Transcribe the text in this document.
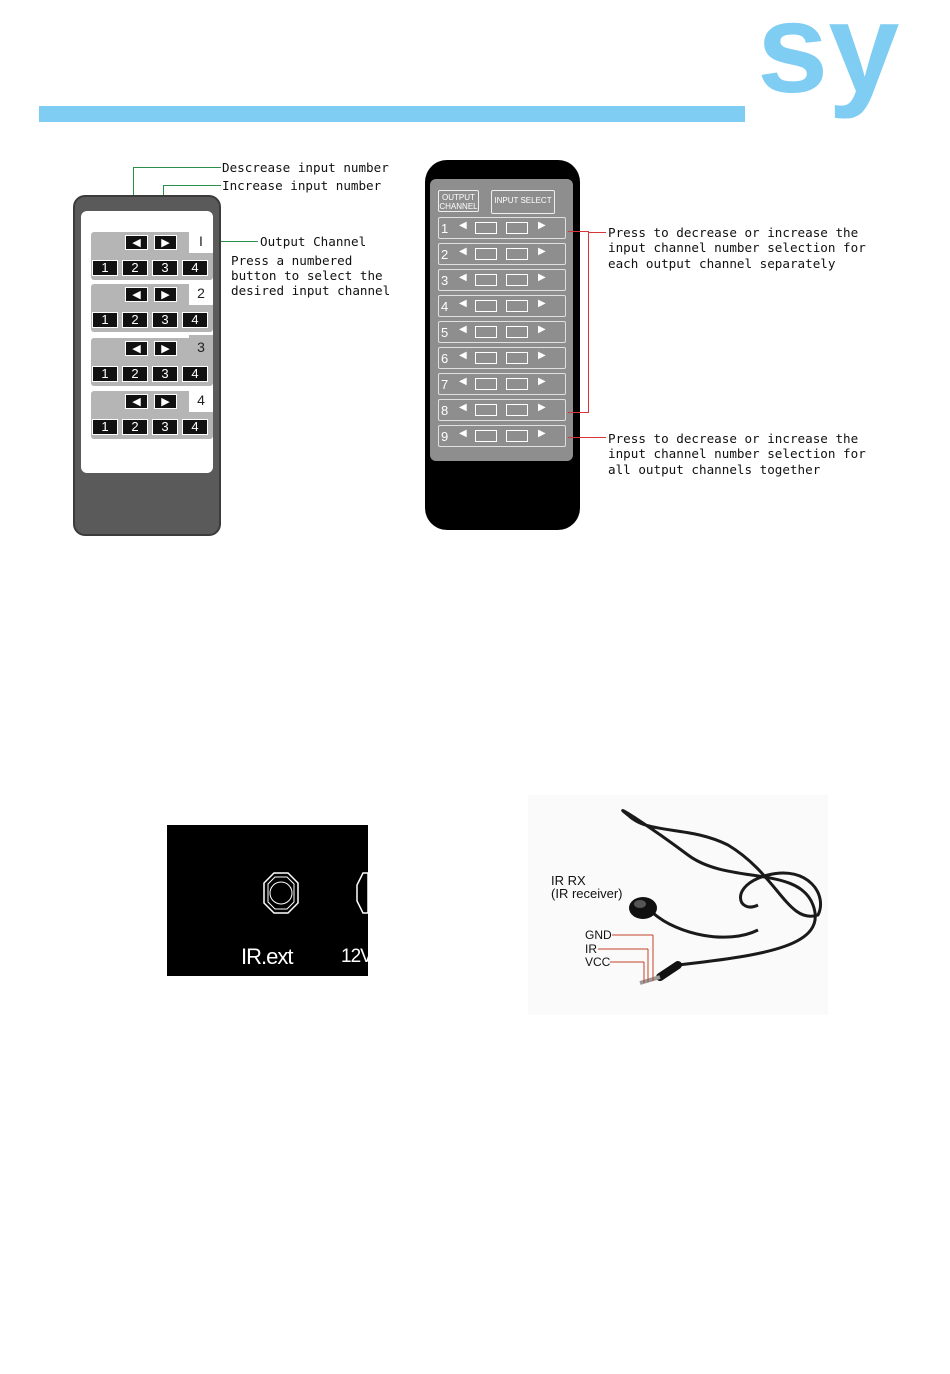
sy
Descrease input number
Increase input number
Output Channel
Press a numbered
button to select the
desired input channel
◀	▶	I
1	2	3	4
◀	▶	2
1	2	3	4
◀	▶	3
1	2	3	4
◀	▶	4
1	2	3	4
OUTPUT CHANNEL
INPUT SELECT
1 ◀	▶
2 ◀	▶
3 ◀	▶
4 ◀	▶
5 ◀	▶
6 ◀	▶
7 ◀	▶
8 ◀	▶
9 ◀	▶
Press to decrease or increase the
input channel number selection for
each output channel separately
Press to decrease or increase the
input channel number selection for
all output channels together
IR.ext	12V
IR RX
(IR receiver)
GND
IR
VCC
